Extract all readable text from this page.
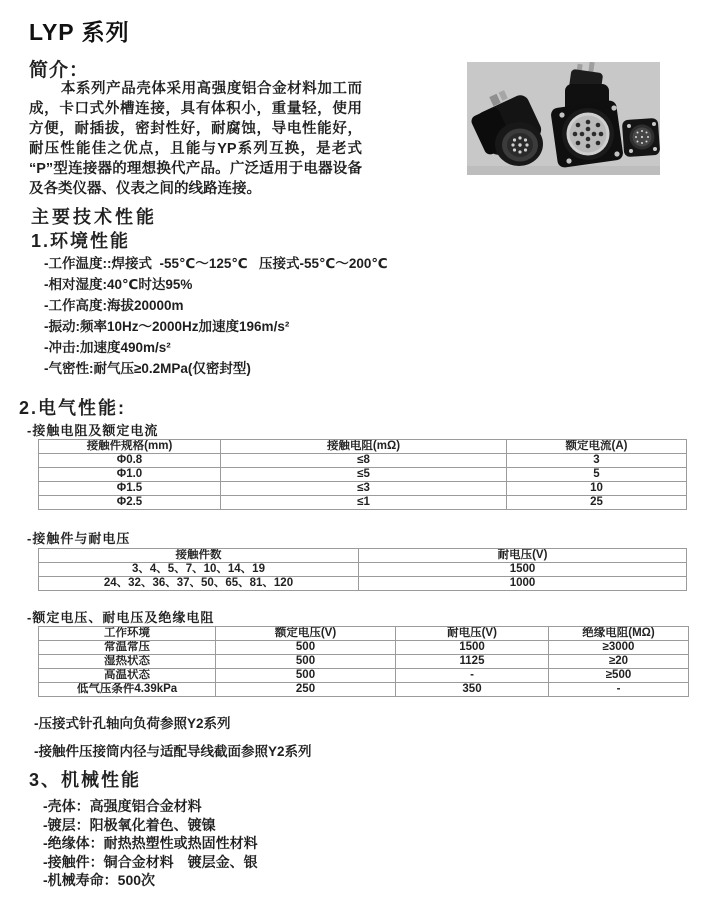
LYP 系列
简介：

本系列产品壳体采用高强度铝合金材料加工而成，卡口式外槽连接，具有体积小，重量轻，使用方便，耐插拔，密封性好，耐腐蚀，导电性能好，耐压性能佳之优点，且能与YP系列互换，是老式“P”型连接器的理想换代产品。广泛适用于电器设备及各类仪器、仪表之间的线路连接。

主要技术性能
1.环境性能
-工作温度::焊接式  -55℃～125℃   压接式-55℃～200℃
-相对湿度:40℃时达95%
-工作高度:海拔20000m
-振动:频率10Hz～2000Hz加速度196m/s²
-冲击:加速度490m/s²
-气密性:耐气压≥0.2MPa(仅密封型)
2.电气性能:
-接触电阻及额定电流
接触件规格(mm)	接触电阻(mΩ)	额定电流(A)
Φ0.8	≤8	3
Φ1.0	≤5	5
Φ1.5	≤3	10
Φ2.5	≤1	25
-接触件与耐电压
接触件数	耐电压(V)
3、4、5、7、10、14、19	1500
24、32、36、37、50、65、81、120	1000
-额定电压、耐电压及绝缘电阻
工作环境	额定电压(V)	耐电压(V)	绝缘电阻(MΩ)
常温常压	500	1500	≥3000
湿热状态	500	1125	≥20
高温状态	500	-	≥500
低气压条件4.39kPa	250	350	-
-压接式针孔轴向负荷参照Y2系列
-接触件压接筒内径与适配导线截面参照Y2系列
3、机械性能
-壳体：高强度铝合金材料
-镀层：阳极氧化着色、镀镍
-绝缘体：耐热热塑性或热固性材料
-接触件：铜合金材料　镀层金、银
-机械寿命：500次
